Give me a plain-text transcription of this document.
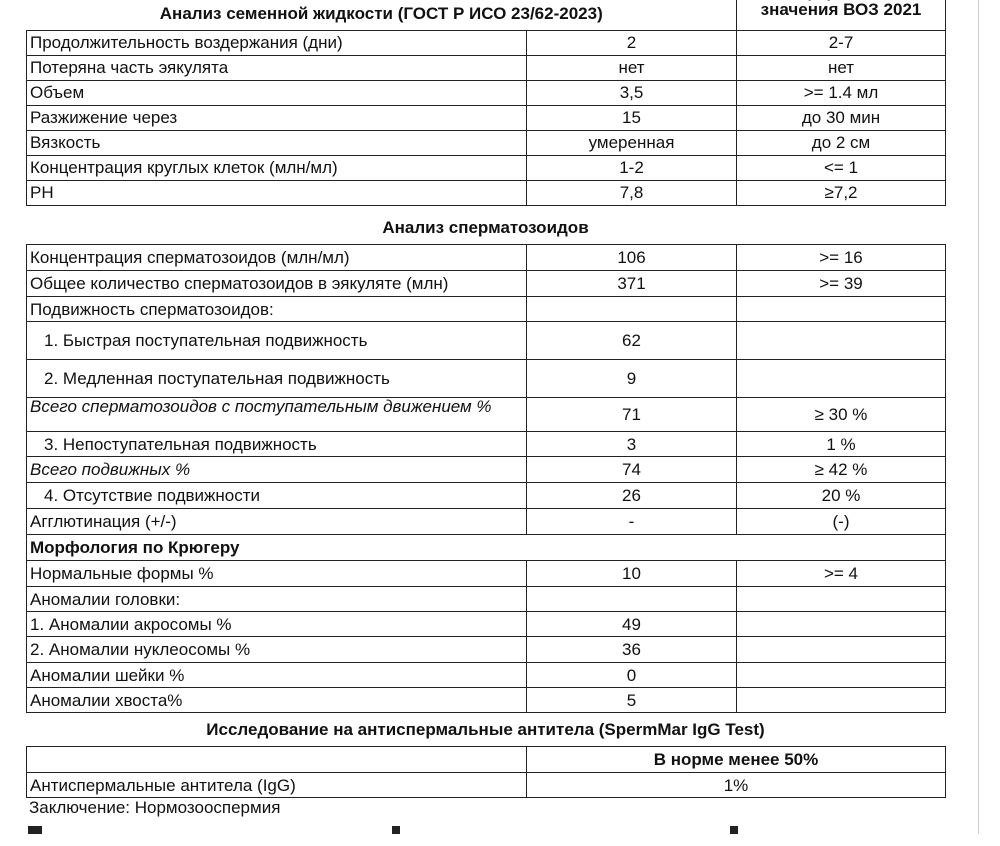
Анализ семенной жидкости (ГОСТ Р ИСО 23/62-2023)		значения ВОЗ 2021

Продолжительность воздержания (дни)	2	2-7
Потеряна часть эякулята	нет	нет
Объем	3,5	>= 1.4 мл
Разжижение через	15	до 30 мин
Вязкость	умеренная	до 2 см
Концентрация круглых клеток (млн/мл)	1-2	<= 1
PH	7,8	≥7,2
Анализ сперматозоидов
Концентрация сперматозоидов (млн/мл)	106	>= 16
Общее количество сперматозоидов в эякуляте (млн)	371	>= 39
Подвижность сперматозоидов:		
1. Быстрая поступательная подвижность	62	
2. Медленная поступательная подвижность	9	
Всего сперматозоидов с поступательным движением %	71	≥ 30 %
3. Непоступательная подвижность	3	1 %
Всего подвижных %	74	≥ 42 %
4. Отсутствие подвижности	26	20 %
Агглютинация (+/-)	-	(-)
Морфология по Крюгеру		
Нормальные формы %	10	>= 4
Аномалии головки:		
1. Аномалии акросомы %	49	
2. Аномалии нуклеосомы %	36	
Аномалии шейки %	0	
Аномалии хвоста%	5	
Исследование на антиспермальные антитела (SpermMar IgG Test)
	В норме менее 50%
Антиспермальные антитела (IgG)	1%
Заключение: Нормозооспермия
